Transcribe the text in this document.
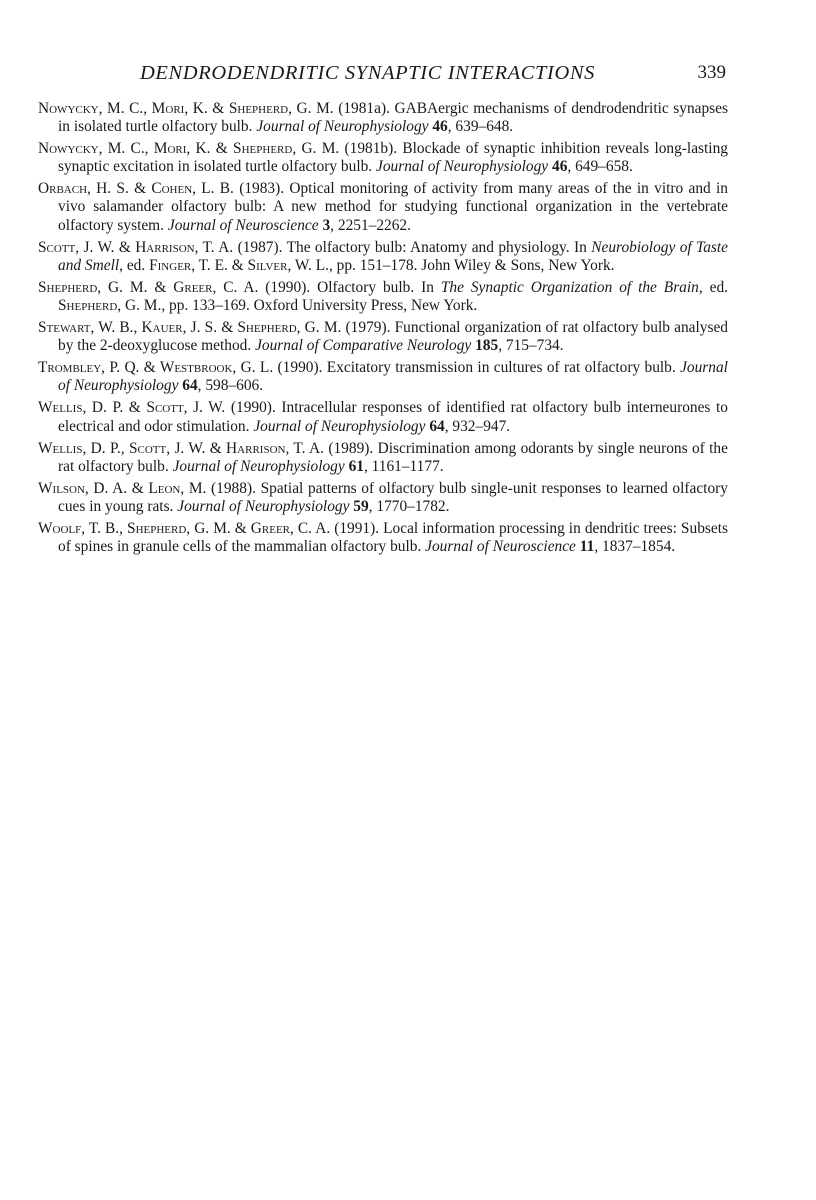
DENDRODENDRITIC SYNAPTIC INTERACTIONS	339

Nowycky, M. C., Mori, K. & Shepherd, G. M. (1981a). GABAergic mechanisms of dendrodendritic synapses in isolated turtle olfactory bulb. Journal of Neurophysiology 46, 639–648.

Nowycky, M. C., Mori, K. & Shepherd, G. M. (1981b). Blockade of synaptic inhibition reveals long-lasting synaptic excitation in isolated turtle olfactory bulb. Journal of Neurophysiology 46, 649–658.

Orbach, H. S. & Cohen, L. B. (1983). Optical monitoring of activity from many areas of the in vitro and in vivo salamander olfactory bulb: A new method for studying functional organization in the vertebrate olfactory system. Journal of Neuroscience 3, 2251–2262.

Scott, J. W. & Harrison, T. A. (1987). The olfactory bulb: Anatomy and physiology. In Neurobiology of Taste and Smell, ed. Finger, T. E. & Silver, W. L., pp. 151–178. John Wiley & Sons, New York.

Shepherd, G. M. & Greer, C. A. (1990). Olfactory bulb. In The Synaptic Organization of the Brain, ed. Shepherd, G. M., pp. 133–169. Oxford University Press, New York.

Stewart, W. B., Kauer, J. S. & Shepherd, G. M. (1979). Functional organization of rat olfactory bulb analysed by the 2-deoxyglucose method. Journal of Comparative Neurology 185, 715–734.

Trombley, P. Q. & Westbrook, G. L. (1990). Excitatory transmission in cultures of rat olfactory bulb. Journal of Neurophysiology 64, 598–606.

Wellis, D. P. & Scott, J. W. (1990). Intracellular responses of identified rat olfactory bulb interneurones to electrical and odor stimulation. Journal of Neurophysiology 64, 932–947.

Wellis, D. P., Scott, J. W. & Harrison, T. A. (1989). Discrimination among odorants by single neurons of the rat olfactory bulb. Journal of Neurophysiology 61, 1161–1177.

Wilson, D. A. & Leon, M. (1988). Spatial patterns of olfactory bulb single-unit responses to learned olfactory cues in young rats. Journal of Neurophysiology 59, 1770–1782.

Woolf, T. B., Shepherd, G. M. & Greer, C. A. (1991). Local information processing in dendritic trees: Subsets of spines in granule cells of the mammalian olfactory bulb. Journal of Neuroscience 11, 1837–1854.
